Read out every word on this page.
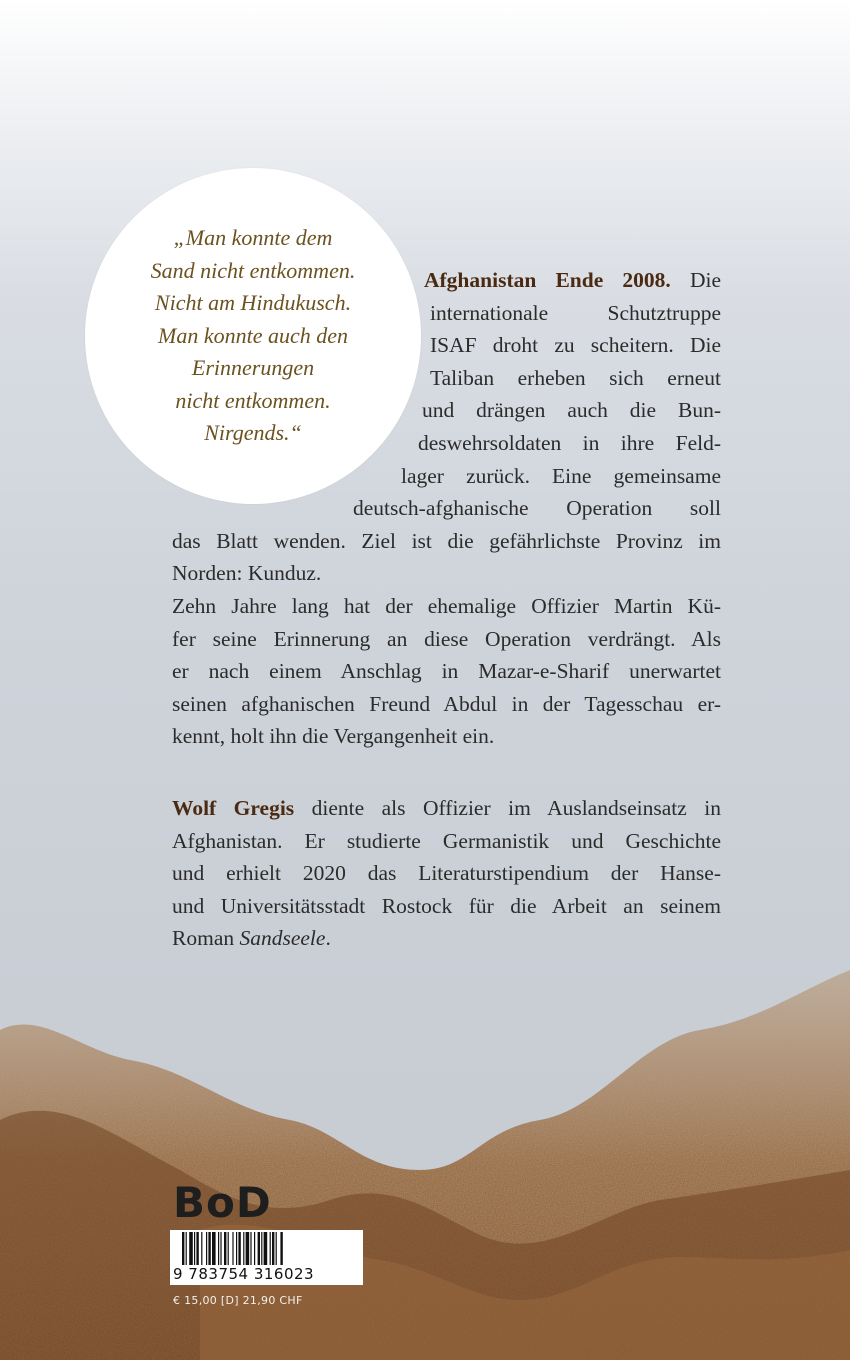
„Man konnte dem
Sand nicht entkommen.
Nicht am Hindukusch.
Man konnte auch den
Erinnerungen
nicht entkommen.
Nirgends.“
Afghanistan Ende 2008. Die
internationale Schutztruppe
ISAF droht zu scheitern. Die
Taliban erheben sich erneut
und drängen auch die Bun-
deswehrsoldaten in ihre Feld-
lager zurück. Eine gemeinsame
deutsch-afghanische Operation soll
das Blatt wenden. Ziel ist die gefährlichste Provinz im
Norden: Kunduz.
Zehn Jahre lang hat der ehemalige Offizier Martin Kü-
fer seine Erinnerung an diese Operation verdrängt. Als
er nach einem Anschlag in Mazar-e-Sharif unerwartet
seinen afghanischen Freund Abdul in der Tagesschau er-
kennt, holt ihn die Vergangenheit ein.
Wolf Gregis diente als Offizier im Auslandseinsatz in
Afghanistan. Er studierte Germanistik und Geschichte
und erhielt 2020 das Literaturstipendium der Hanse-
und Universitätsstadt Rostock für die Arbeit an seinem
Roman Sandseele.
BoD
9 783754 316023
€ 15,00 [D] 21,90 CHF
